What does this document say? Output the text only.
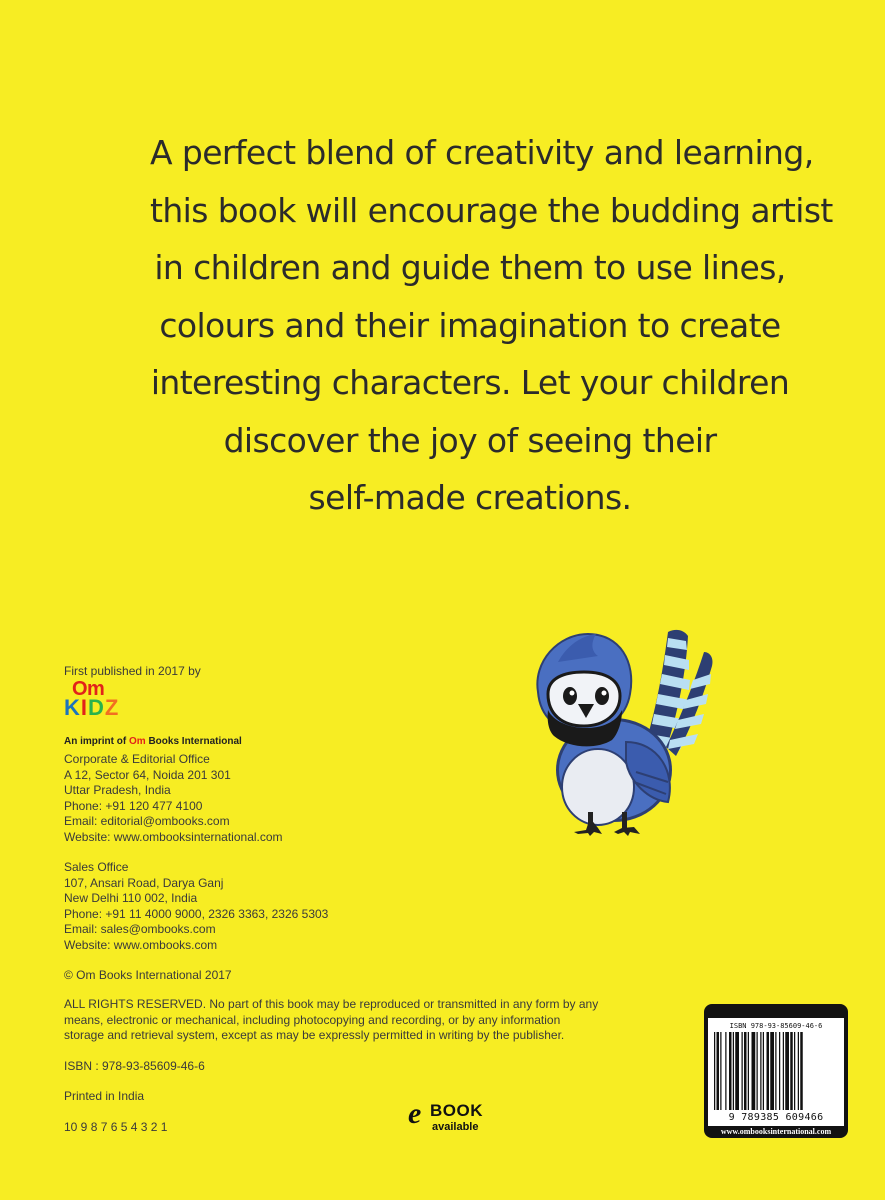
A perfect blend of creativity and learning,
this book will encourage the budding artist
in children and guide them to use lines,
colours and their imagination to create
interesting characters. Let your children
discover the joy of seeing their
self-made creations.
First published in 2017 by
Om
KIDZ
An imprint of Om Books International
Corporate & Editorial Office
A 12, Sector 64, Noida 201 301
Uttar Pradesh, India
Phone: +91 120 477 4100
Email: editorial@ombooks.com
Website: www.ombooksinternational.com
Sales Office
107, Ansari Road, Darya Ganj
New Delhi 110 002, India
Phone: +91 11 4000 9000, 2326 3363, 2326 5303
Email: sales@ombooks.com
Website: www.ombooks.com
© Om Books International 2017
ALL RIGHTS RESERVED. No part of this book may be reproduced or transmitted in any form by any
means, electronic or mechanical, including photocopying and recording, or by any information
storage and retrieval system, except as may be expressly permitted in writing by the publisher.
ISBN : 978-93-85609-46-6
Printed in India
10 9 8 7 6 5 4 3 2 1	e BOOK
available
ISBN 978-93-85609-46-6
9 789385 609466
www.ombooksinternational.com
